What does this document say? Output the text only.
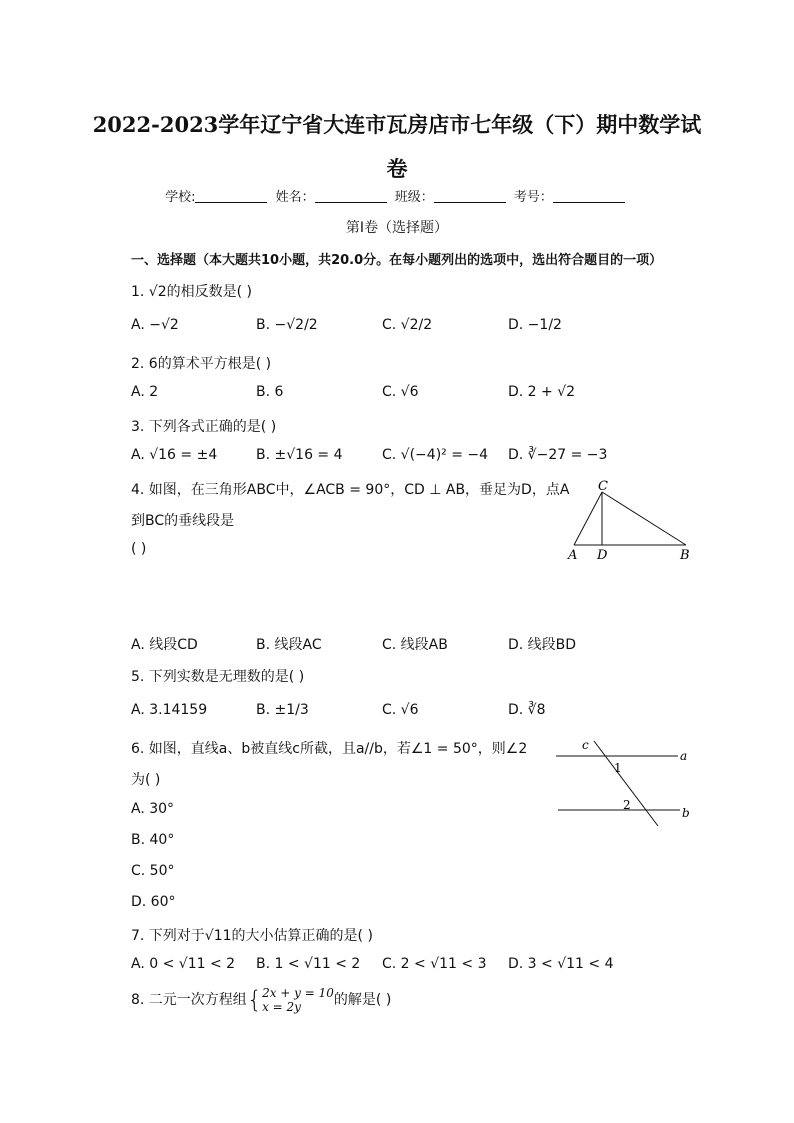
2022-2023学年辽宁省大连市瓦房店市七年级（下）期中数学试
卷
学校:	姓名：	班级：	考号：
第I卷（选择题）
一、选择题（本大题共10小题，共20.0分。在每小题列出的选项中，选出符合题目的一项）
1. √2的相反数是( )
A. −√2	B. −√2/2	C. √2/2	D. −1/2
2. 6的算术平方根是( )
A. 2	B. 6	C. √6	D. 2 + √2
3. 下列各式正确的是( )
A. √16 = ±4	B. ±√16 = 4	C. √(−4)² = −4 D. ∛−27 = −3
4. 如图，在三角形ABC中，∠ACB = 90°，CD ⊥ AB，垂足为D，点A
到BC的垂线段是
( )
C
A D	B
A. 线段CD	B. 线段AC	C. 线段AB	D. 线段BD
5. 下列实数是无理数的是( )
A. 3.14159	B. ±1/3	C. √6	D. ∛8
6. 如图，直线a、b被直线c所截，且a//b，若∠1 = 50°，则∠2
为( )
c
a
1
2
b
A. 30°
B. 40°
C. 50°
D. 60°
7. 下列对于√11的大小估算正确的是( )
A. 0 < √11 < 2 B. 1 < √11 < 2 C. 2 < √11 < 3 D. 3 < √11 < 4
8. 二元一次方程组{ 2x + y = 10
x = 2y	的解是( )
